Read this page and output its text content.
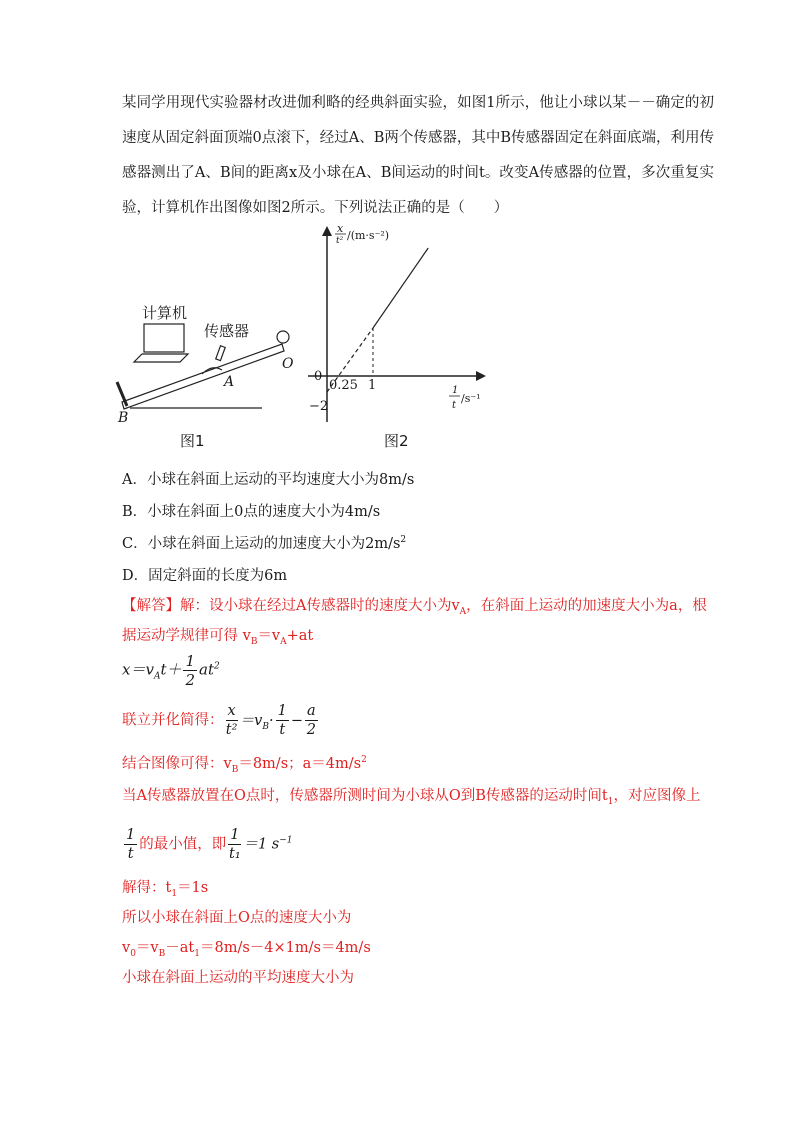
某同学用现代实验器材改进伽利略的经典斜面实验，如图1所示，他让小球以某－－确定的初速度从固定斜面顶端0点滚下，经过A、B两个传感器，其中B传感器固定在斜面底端，利用传感器测出了A、B间的距离x及小球在A、B间运动的时间t。改变A传感器的位置，多次重复实验，计算机作出图像如图2所示。下列说法正确的是（　　）

计算机
传感器
O
A
B
图1
x
t² /(m·s⁻²)
1
t
/s⁻¹
0
0.25 1
−2
图2
A．小球在斜面上运动的平均速度大小为8m/s
B．小球在斜面上0点的速度大小为4m/s
C．小球在斜面上运动的加速度大小为$2m/s^2$
D．固定斜面的长度为6m
【解答】解：设小球在经过A传感器时的速度大小为$v_A$，在斜面上运动的加速度大小为a，根
据运动学规律可得 $v_B=v_A+at$
$x=v_At+ \frac{1}{2} at^2$
联立并化简得： $\frac{x}{\text{t²}} =v_B\cdot \frac{1}{t} - \frac{a}{2}$
结合图像可得：$v_B=8m/s$；$a=4m/s^2$
当A传感器放置在O点时，传感器所测时间为小球从O到B传感器的运动时间$t_1$，对应图像上
$\frac{1}{t}$ 的最小值，即 $\frac{1}{\text{t₁}} =1$ $s^{-1}$
解得：$t_1=1s$
所以小球在斜面上O点的速度大小为
$v_0=v_B-at_1=8m/s-4\times 1m/s=4m/s$
小球在斜面上运动的平均速度大小为
